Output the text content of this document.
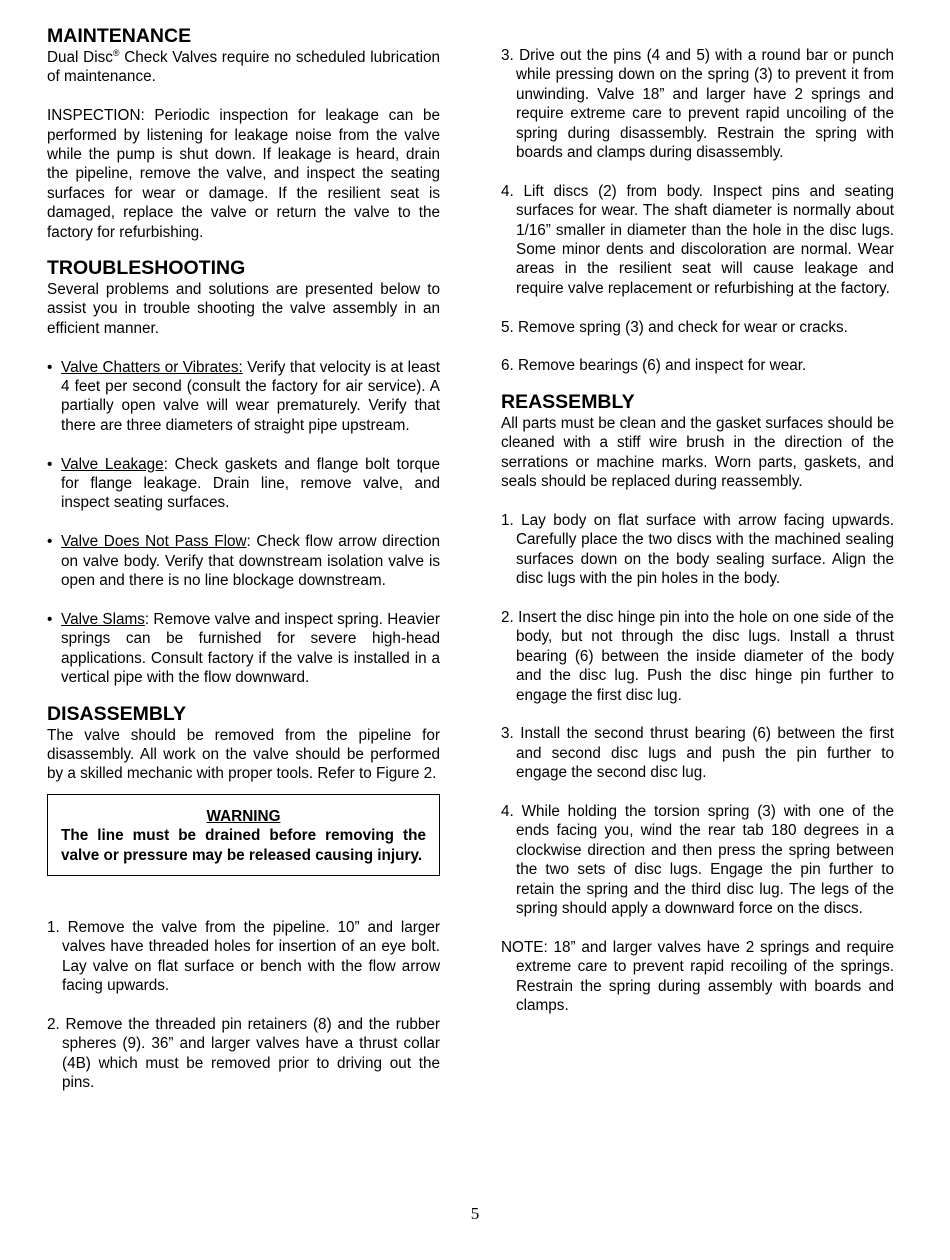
MAINTENANCE

Dual Disc® Check Valves require no scheduled lubrication of maintenance.

INSPECTION: Periodic inspection for leakage can be performed by listening for leakage noise from the valve while the pump is shut down. If leakage is heard, drain the pipeline, remove the valve, and inspect the seating surfaces for wear or damage. If the resilient seat is damaged, replace the valve or return the valve to the factory for refurbishing.

TROUBLESHOOTING

Several problems and solutions are presented below to assist you in trouble shooting the valve assembly in an efficient manner.

• Valve Chatters or Vibrates: Verify that velocity is at least 4 feet per second (consult the factory for air service). A partially open valve will wear prematurely. Verify that there are three diameters of straight pipe upstream.
• Valve Leakage: Check gaskets and flange bolt torque for flange leakage. Drain line, remove valve, and inspect seating surfaces.
• Valve Does Not Pass Flow: Check flow arrow direction on valve body. Verify that downstream isolation valve is open and there is no line blockage downstream.
• Valve Slams: Remove valve and inspect spring. Heavier springs can be furnished for severe high-head applications. Consult factory if the valve is installed in a vertical pipe with the flow downward.
DISASSEMBLY

The valve should be removed from the pipeline for disassembly. All work on the valve should be performed by a skilled mechanic with proper tools. Refer to Figure 2.

WARNING
The line must be drained before removing the valve or pressure may be released causing injury.

1. Remove the valve from the pipeline. 10” and larger valves have threaded holes for insertion of an eye bolt. Lay valve on flat surface or bench with the flow arrow facing upwards.

2. Remove the threaded pin retainers (8) and the rubber spheres (9). 36” and larger valves have a thrust collar (4B) which must be removed prior to driving out the pins.

3. Drive out the pins (4 and 5) with a round bar or punch while pressing down on the spring (3) to prevent it from unwinding. Valve 18” and larger have 2 springs and require extreme care to prevent rapid uncoiling of the spring during disassembly. Restrain the spring with boards and clamps during disassembly.

4. Lift discs (2) from body. Inspect pins and seating surfaces for wear. The shaft diameter is normally about 1/16” smaller in diameter than the hole in the disc lugs. Some minor dents and discoloration are normal. Wear areas in the resilient seat will cause leakage and require valve replacement or refurbishing at the factory.

5. Remove spring (3) and check for wear or cracks.

6. Remove bearings (6) and inspect for wear.

REASSEMBLY

All parts must be clean and the gasket surfaces should be cleaned with a stiff wire brush in the direction of the serrations or machine marks. Worn parts, gaskets, and seals should be replaced during reassembly.

1. Lay body on flat surface with arrow facing upwards. Carefully place the two discs with the machined sealing surfaces down on the body sealing surface. Align the disc lugs with the pin holes in the body.

2. Insert the disc hinge pin into the hole on one side of the body, but not through the disc lugs. Install a thrust bearing (6) between the inside diameter of the body and the disc lug. Push the disc hinge pin further to engage the first disc lug.

3. Install the second thrust bearing (6) between the first and second disc lugs and push the pin further to engage the second disc lug.

4. While holding the torsion spring (3) with one of the ends facing you, wind the rear tab 180 degrees in a clockwise direction and then press the spring between the two sets of disc lugs. Engage the pin further to retain the spring and the third disc lug. The legs of the spring should apply a downward force on the discs.

NOTE: 18” and larger valves have 2 springs and require extreme care to prevent rapid recoiling of the springs. Restrain the spring during assembly with boards and clamps.

5
